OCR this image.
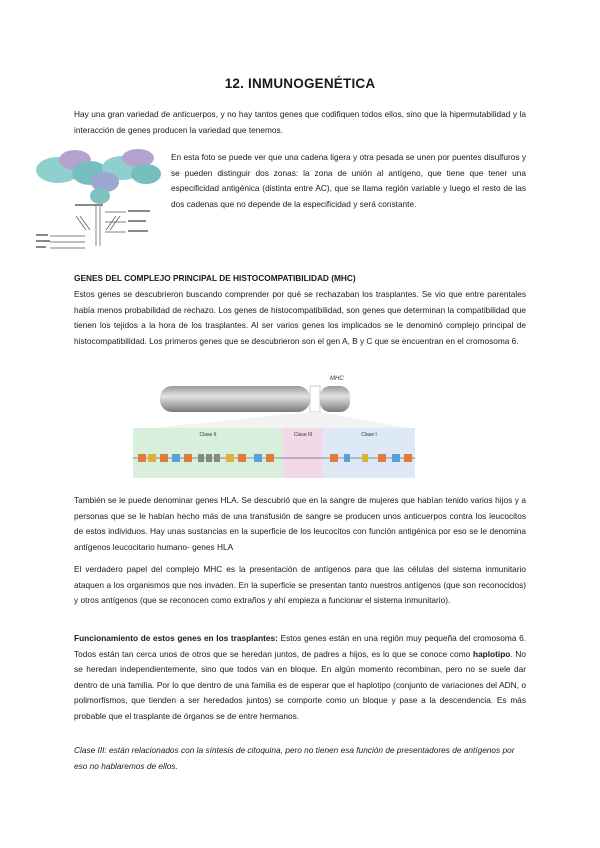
12. INMUNOGENÉTICA

Hay una gran variedad de anticuerpos, y no hay tantos genes que codifiquen todos ellos, sino que la hipermutabilidad y la interacción de genes producen la variedad que tenemos.

En esta foto se puede ver que una cadena ligera y otra pesada se unen por puentes disulfuros y se pueden distinguir dos zonas: la zona de unión al antígeno, que tiene que tener una especificidad antigénica (distinta entre AC), que se llama región variable y luego el resto de las dos cadenas que no depende de la especificidad y será constante.

GENES DEL COMPLEJO PRINCIPAL DE HISTOCOMPATIBILIDAD (MHC)

Estos genes se descubrieron buscando comprender por qué se rechazaban los trasplantes. Se vio que entre parentales había menos probabilidad de rechazo. Los genes de histocompatibilidad, son genes que determinan la compatibilidad que tienen los tejidos a la hora de los trasplantes. Al ser varios genes los implicados se le denominó complejo principal de histocompatibilidad. Los primeros genes que se descubrieron son el gen A, B y C que se encuentran en el cromosoma 6.

MHC
Clase II	Clase III	Clase I

También se le puede denominar genes HLA. Se descubrió que en la sangre de mujeres que habían tenido varios hijos y a personas que se le habían hecho más de una transfusión de sangre se producen unos anticuerpos contra los leucocitos de estos individuos. Hay unas sustancias en la superficie de los leucocitos con función antigénica por eso se le denomina antígenos leucocitario humano- genes HLA

El verdadero papel del complejo MHC es la presentación de antígenos para que las células del sistema inmunitario ataquen a los organismos que nos invaden. En la superficie se presentan tanto nuestros antígenos (que son reconocidos) y otros antígenos (que se reconocen como extraños y ahí empieza a funcionar el sistema inmunitario).

Funcionamiento de estos genes en los trasplantes: Estos genes están en una región muy pequeña del cromosoma 6. Todos están tan cerca unos de otros que se heredan juntos, de padres a hijos, es lo que se conoce como haplotipo. No se heredan independientemente, sino que todos van en bloque. En algún momento recombinan, pero no se suele dar dentro de una familia. Por lo que dentro de una familia es de esperar que el haplotipo (conjunto de variaciones del ADN, o polimorfismos, que tienden a ser heredados juntos) se comporte como un bloque y pase a la descendencia. Es más probable que el trasplante de órganos se de entre hermanos.

Clase III: están relacionados con la síntesis de citoquina, pero no tienen esa función de presentadores de antígenos por eso no hablaremos de ellos.
